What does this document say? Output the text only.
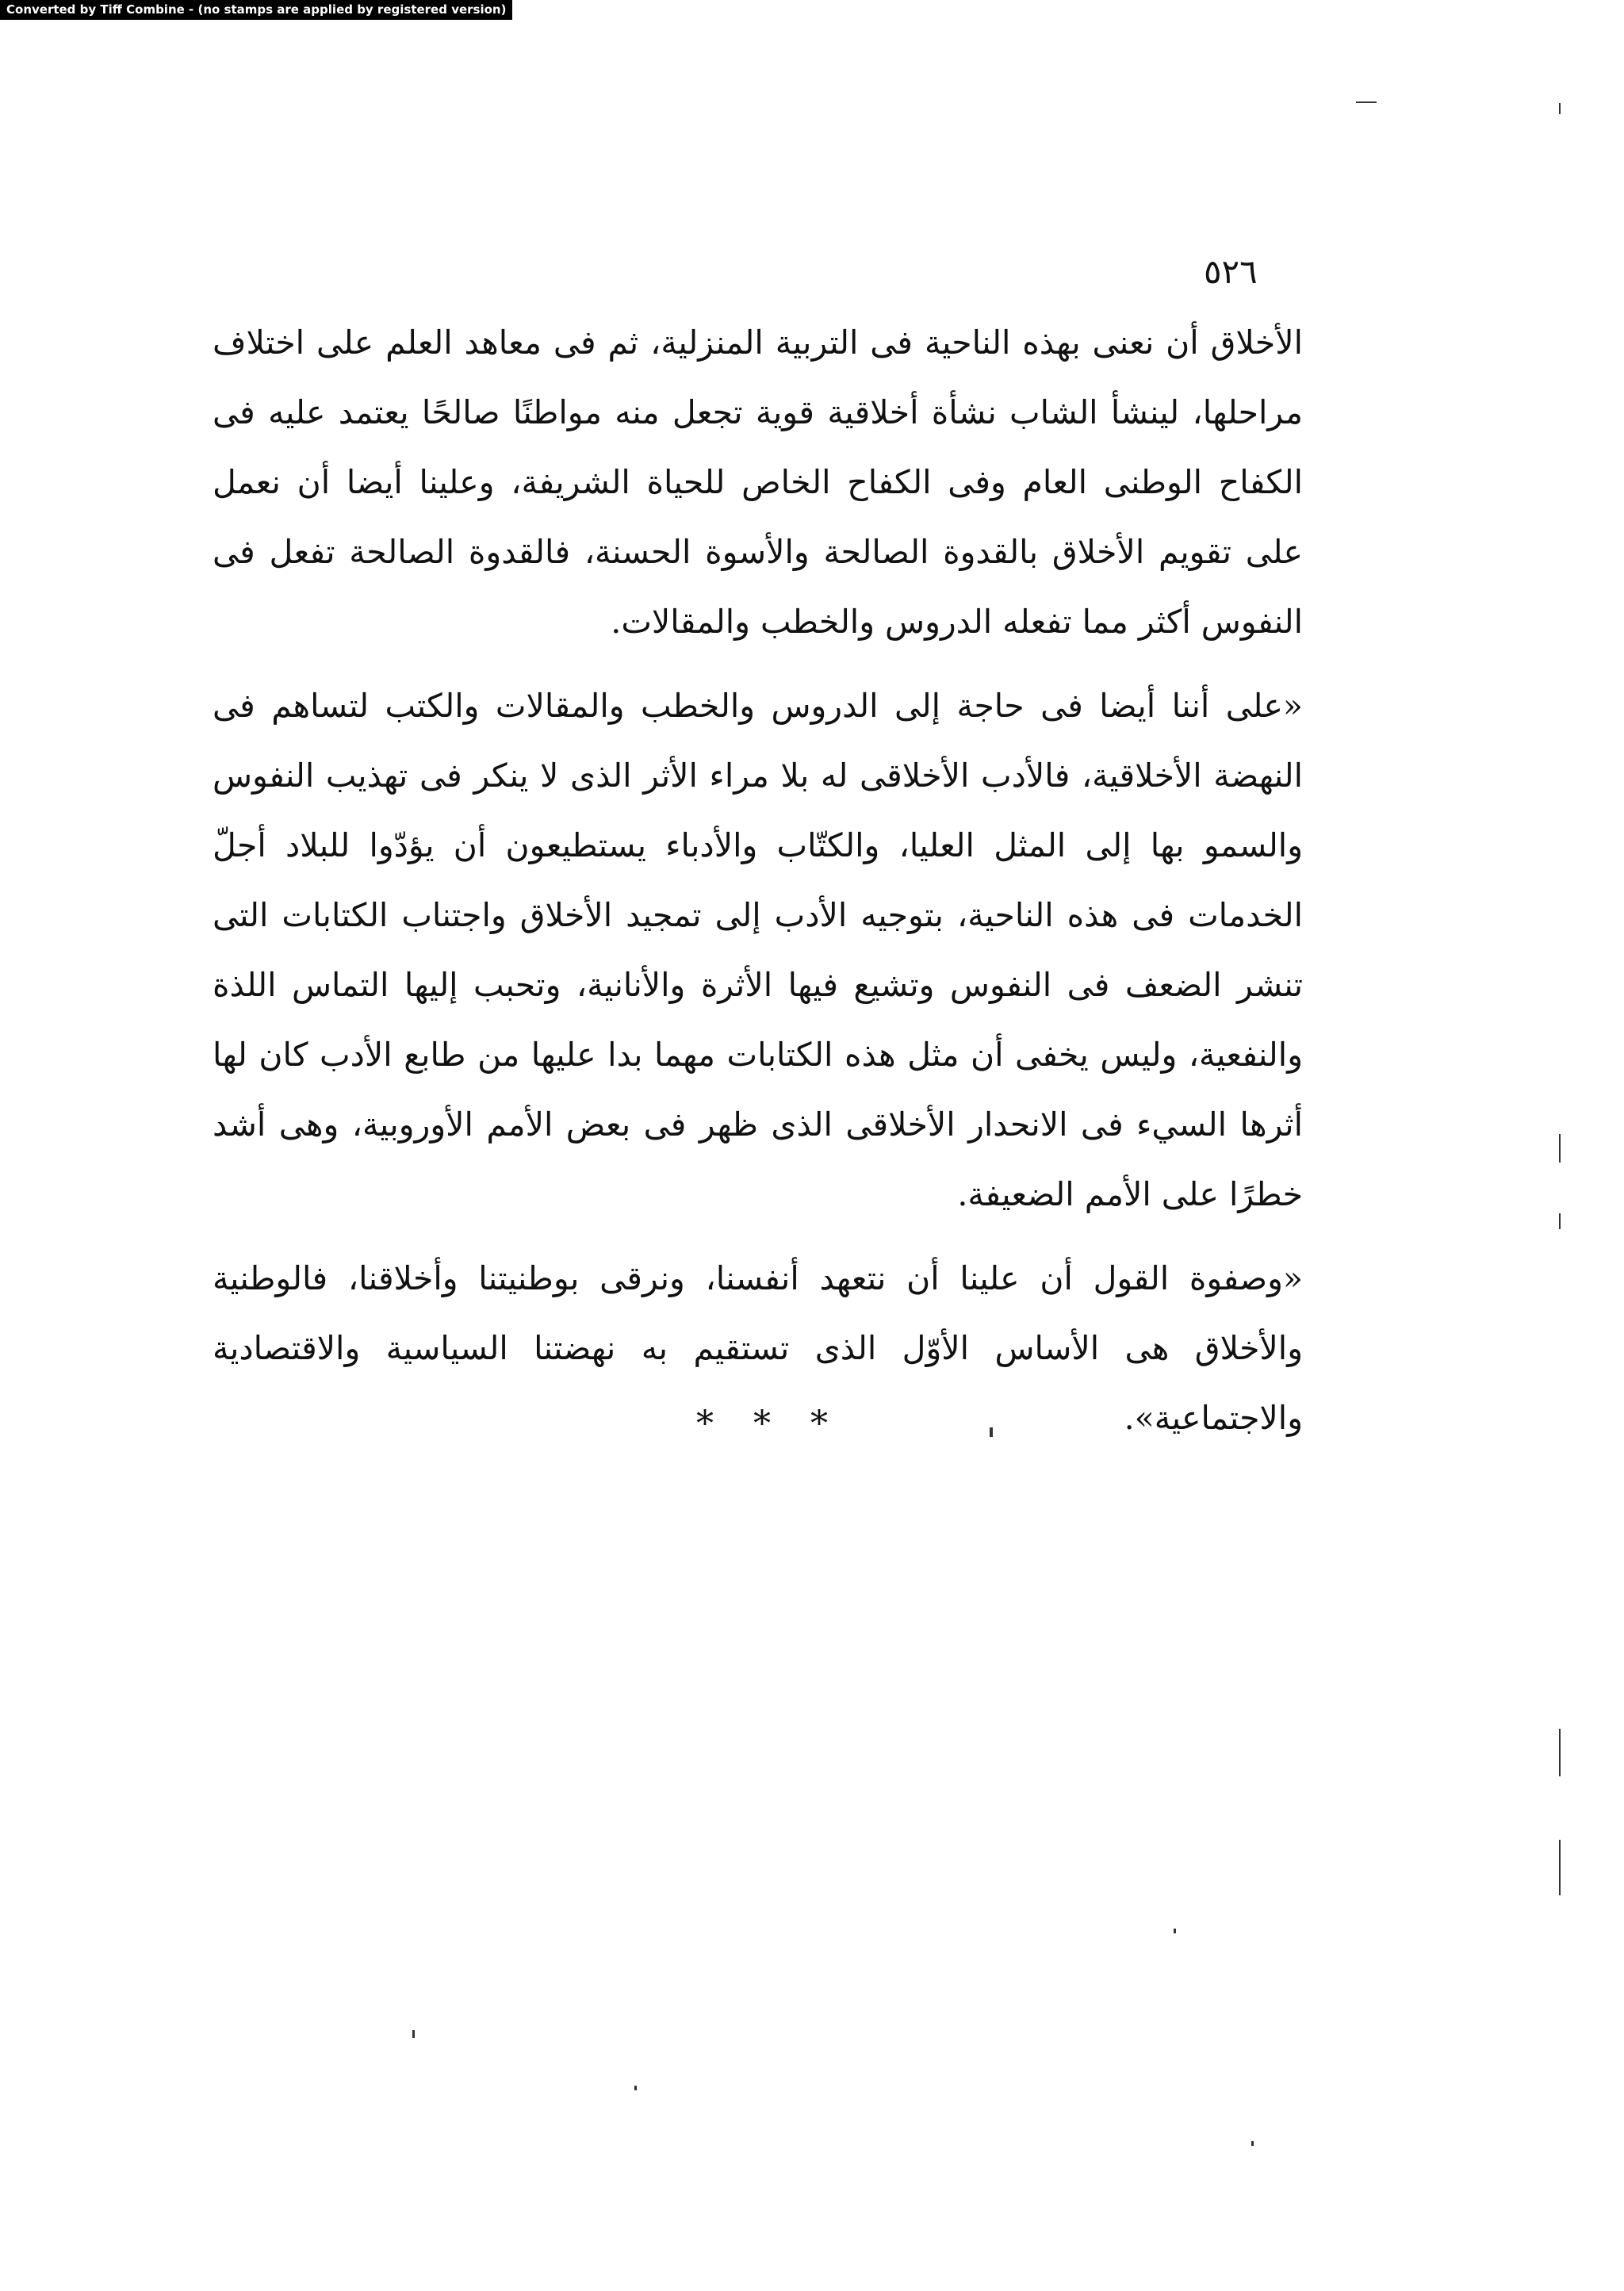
Converted by Tiff Combine - (no stamps are applied by registered version)
٥٢٦

الأخلاق أن نعنى بهذه الناحية فى التربية المنزلية، ثم فى معاهد العلم على اختلاف مراحلها، لينشأ الشاب نشأة أخلاقية قوية تجعل منه مواطنًا صالحًا يعتمد عليه فى الكفاح الوطنى العام وفى الكفاح الخاص للحياة الشريفة، وعلينا أيضا أن نعمل على تقويم الأخلاق بالقدوة الصالحة والأسوة الحسنة، فالقدوة الصالحة تفعل فى النفوس أكثر مما تفعله الدروس والخطب والمقالات.

«على أننا أيضا فى حاجة إلى الدروس والخطب والمقالات والكتب لتساهم فى النهضة الأخلاقية، فالأدب الأخلاقى له بلا مراء الأثر الذى لا ينكر فى تهذيب النفوس والسمو بها إلى المثل العليا، والكتّاب والأدباء يستطيعون أن يؤدّوا للبلاد أجلّ الخدمات فى هذه الناحية، بتوجيه الأدب إلى تمجيد الأخلاق واجتناب الكتابات التى تنشر الضعف فى النفوس وتشيع فيها الأثرة والأنانية، وتحبب إليها التماس اللذة والنفعية، وليس يخفى أن مثل هذه الكتابات مهما بدا عليها من طابع الأدب كان لها أثرها السيء فى الانحدار الأخلاقى الذى ظهر فى بعض الأمم الأوروبية، وهى أشد خطرًا على الأمم الضعيفة.

«وصفوة القول أن علينا أن نتعهد أنفسنا، ونرقى بوطنيتنا وأخلاقنا، فالوطنية والأخلاق هى الأساس الأوّل الذى تستقيم به نهضتنا السياسية والاقتصادية والاجتماعية».

* * *
